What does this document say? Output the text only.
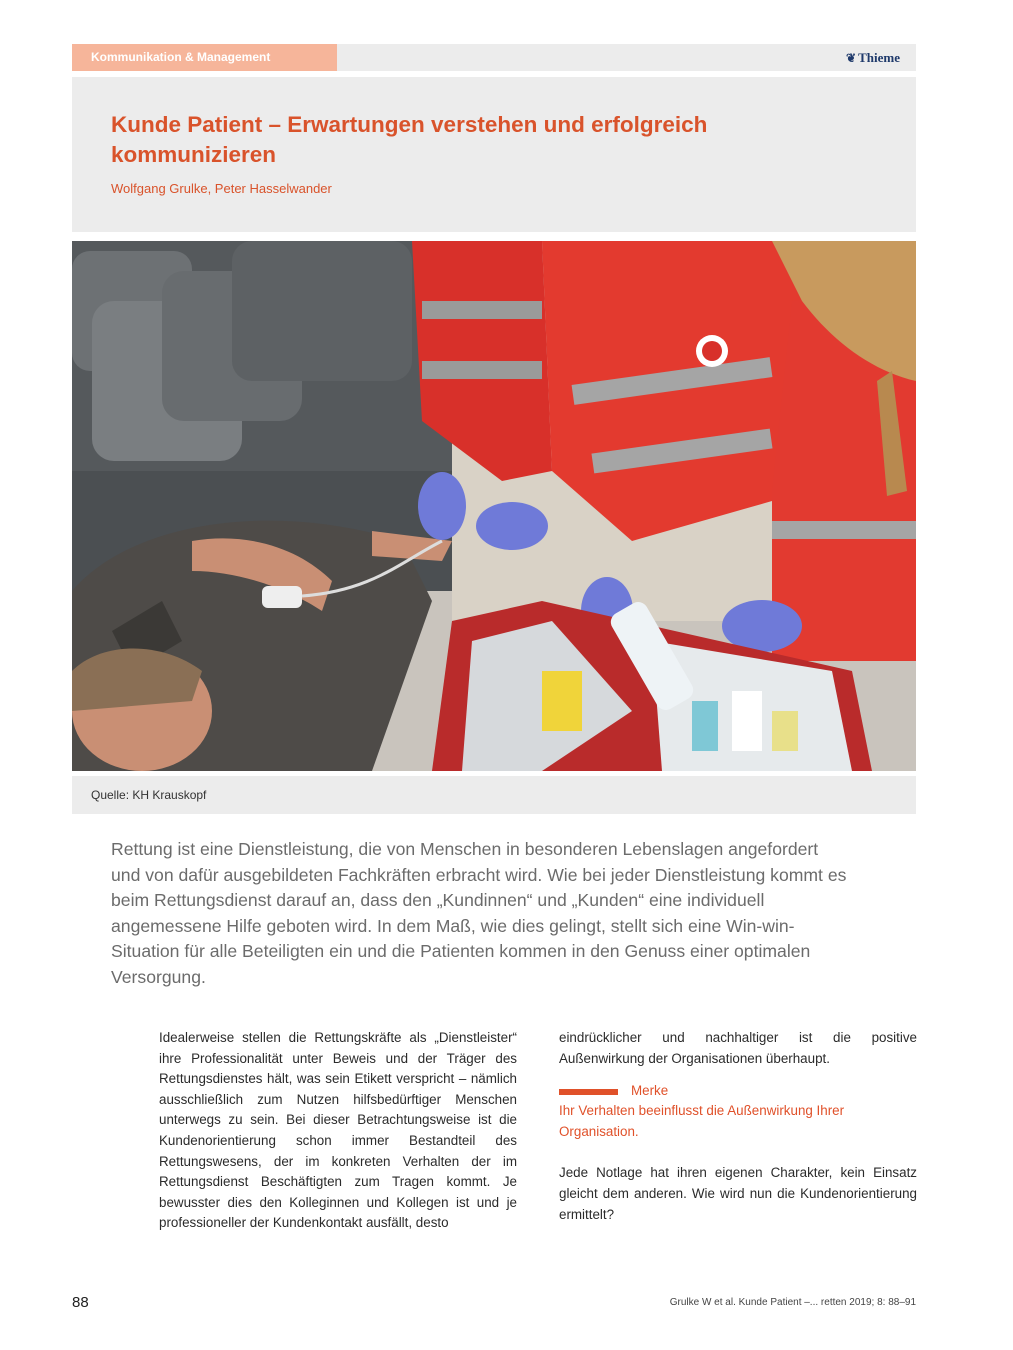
Kommunikation & Management	❦ Thieme
Kunde Patient – Erwartungen verstehen und erfolgreich kommunizieren
Wolfgang Grulke, Peter Hasselwander
Quelle: KH Krauskopf

Rettung ist eine Dienstleistung, die von Menschen in besonderen Lebenslagen angefordert und von dafür ausgebildeten Fachkräften erbracht wird. Wie bei jeder Dienstleistung kommt es beim Rettungsdienst darauf an, dass den „Kundinnen“ und „Kunden“ eine individuell angemessene Hilfe geboten wird. In dem Maß, wie dies gelingt, stellt sich eine Win-win-Situation für alle Beteiligten ein und die Patienten kommen in den Genuss einer optimalen Versorgung.

Idealerweise stellen die Rettungskräfte als „Dienstleister“ ihre Professionalität unter Beweis und der Träger des Rettungsdienstes hält, was sein Etikett verspricht – nämlich ausschließlich zum Nutzen hilfsbedürftiger Menschen unterwegs zu sein. Bei dieser Betrachtungsweise ist die Kundenorientierung schon immer Bestandteil des Rettungswesens, der im konkreten Verhalten der im Rettungsdienst Beschäftigten zum Tragen kommt. Je bewusster dies den Kolleginnen und Kollegen ist und je professioneller der Kundenkontakt ausfällt, desto

eindrücklicher und nachhaltiger ist die positive Außenwirkung der Organisationen überhaupt.

Merke

Ihr Verhalten beeinflusst die Außenwirkung Ihrer Organisation.

Jede Notlage hat ihren eigenen Charakter, kein Einsatz gleicht dem anderen. Wie wird nun die Kundenorientierung ermittelt?

88	Grulke W et al. Kunde Patient –... retten 2019; 8: 88–91
